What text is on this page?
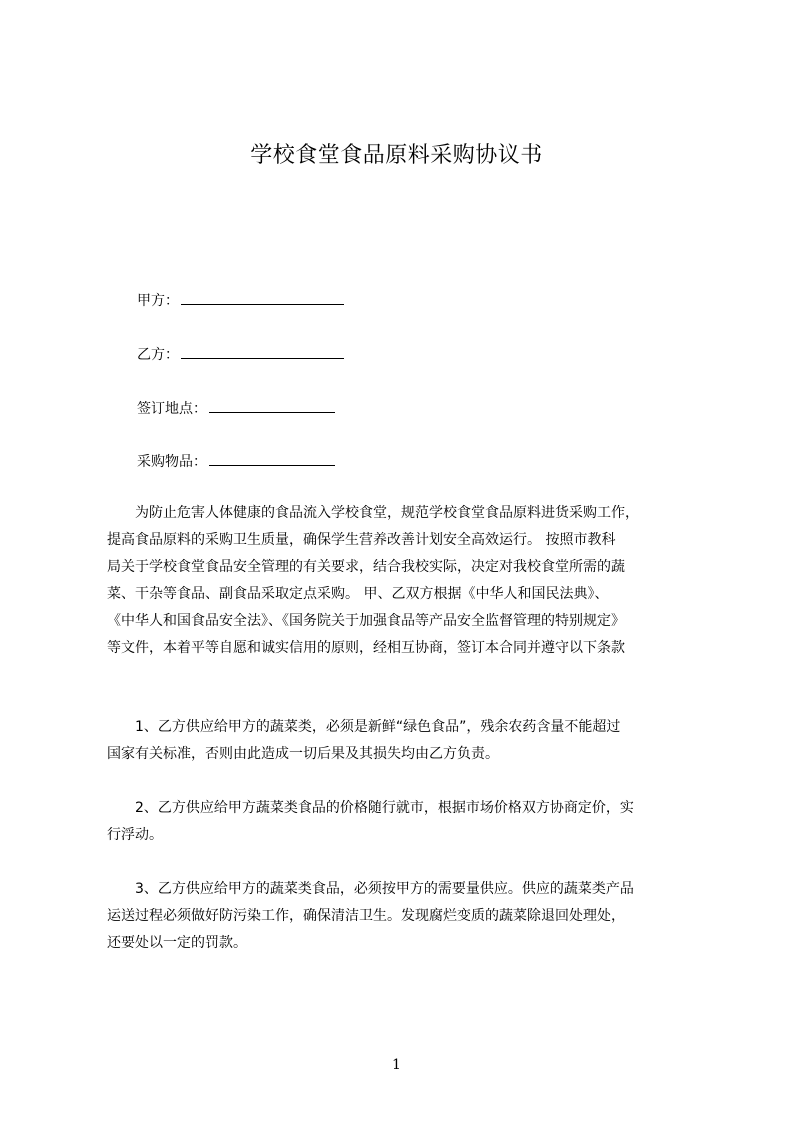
学校食堂食品原料采购协议书
甲方：
乙方：
签订地点：
采购物品：
　　为防止危害人体健康的食品流入学校食堂，规范学校食堂食品原料进货采购工作，
提高食品原料的采购卫生质量，确保学生营养改善计划安全高效运行。 按照市教科
局关于学校食堂食品安全管理的有关要求，结合我校实际，决定对我校食堂所需的蔬
菜、干杂等食品、副食品采取定点采购。 甲、乙双方根据《中华人和国民法典》、
《中华人和国食品安全法》、《国务院关于加强食品等产品安全监督管理的特别规定》
等文件，本着平等自愿和诚实信用的原则，经相互协商，签订本合同并遵守以下条款
　　1、乙方供应给甲方的蔬菜类，必须是新鲜“绿色食品”，残余农药含量不能超过
国家有关标准，否则由此造成一切后果及其损失均由乙方负责。
　　2、乙方供应给甲方蔬菜类食品的价格随行就市，根据市场价格双方协商定价，实
行浮动。
　　3、乙方供应给甲方的蔬菜类食品，必须按甲方的需要量供应。供应的蔬菜类产品
运送过程必须做好防污染工作，确保清洁卫生。发现腐烂变质的蔬菜除退回处理处，
还要处以一定的罚款。
1
